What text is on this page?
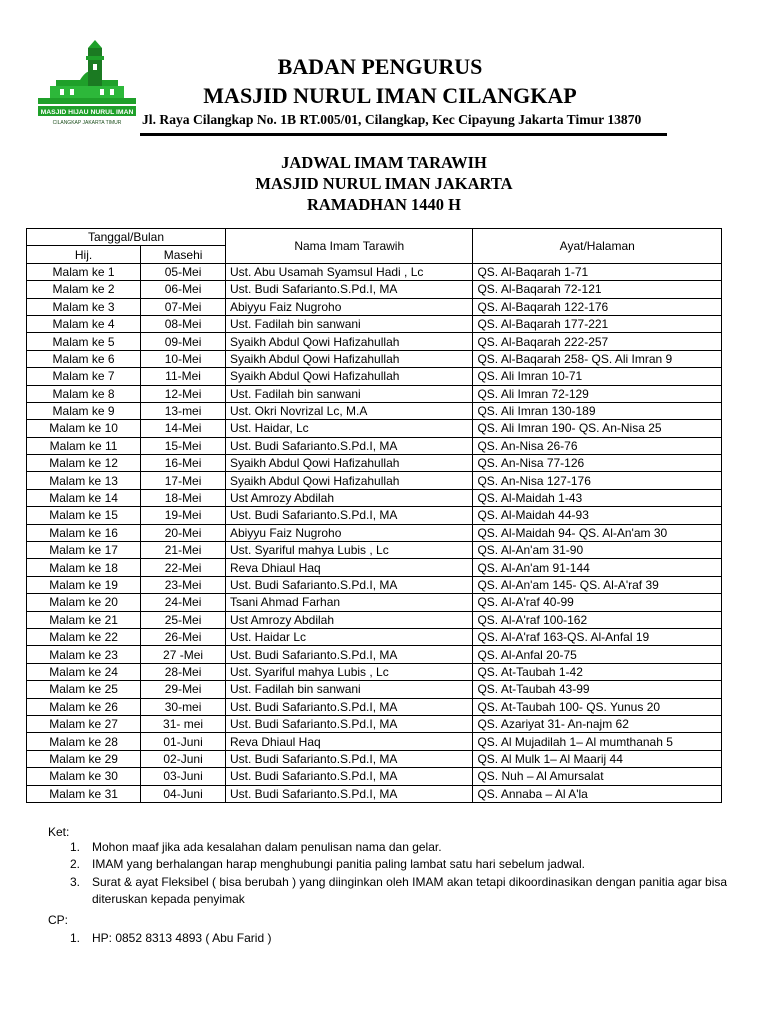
MASJID HIJAU NURUL IMAN
CILANGKAP JAKARTA TIMUR
BADAN PENGURUS
MASJID NURUL IMAN CILANGKAP
Jl. Raya Cilangkap No. 1B RT.005/01, Cilangkap, Kec Cipayung Jakarta Timur 13870
JADWAL IMAM TARAWIH
MASJID NURUL IMAN JAKARTA
RAMADHAN 1440 H
Tanggal/Bulan		Nama Imam Tarawih	Ayat/Halaman
Hij.	Masehi		
Malam ke 1	05-Mei	Ust. Abu Usamah Syamsul Hadi , Lc	QS. Al-Baqarah 1-71
Malam ke 2	06-Mei	Ust. Budi Safarianto.S.Pd.I, MA	QS. Al-Baqarah 72-121
Malam ke 3	07-Mei	Abiyyu Faiz Nugroho	QS. Al-Baqarah 122-176
Malam ke 4	08-Mei	Ust. Fadilah bin sanwani	QS. Al-Baqarah 177-221
Malam ke 5	09-Mei	Syaikh Abdul Qowi Hafizahullah	QS. Al-Baqarah 222-257
Malam ke 6	10-Mei	Syaikh Abdul Qowi Hafizahullah	QS. Al-Baqarah 258- QS. Ali Imran 9
Malam ke 7	11-Mei	Syaikh Abdul Qowi Hafizahullah	QS. Ali Imran 10-71
Malam ke 8	12-Mei	Ust. Fadilah bin sanwani	QS. Ali Imran 72-129
Malam ke 9	13-mei	Ust. Okri Novrizal Lc, M.A	QS. Ali Imran 130-189
Malam ke 10	14-Mei	Ust. Haidar, Lc	QS. Ali Imran 190- QS. An-Nisa 25
Malam ke 11	15-Mei	Ust. Budi Safarianto.S.Pd.I, MA	QS. An-Nisa 26-76
Malam ke 12	16-Mei	Syaikh Abdul Qowi Hafizahullah	QS. An-Nisa 77-126
Malam ke 13	17-Mei	Syaikh Abdul Qowi Hafizahullah	QS. An-Nisa 127-176
Malam ke 14	18-Mei	Ust Amrozy Abdilah	QS. Al-Maidah 1-43
Malam ke 15	19-Mei	Ust. Budi Safarianto.S.Pd.I, MA	QS. Al-Maidah 44-93
Malam ke 16	20-Mei	Abiyyu Faiz Nugroho	QS. Al-Maidah 94- QS. Al-An'am 30
Malam ke 17	21-Mei	Ust. Syariful mahya Lubis , Lc	QS. Al-An'am 31-90
Malam ke 18	22-Mei	Reva Dhiaul Haq	QS. Al-An'am 91-144
Malam ke 19	23-Mei	Ust. Budi Safarianto.S.Pd.I, MA	QS. Al-An'am 145- QS. Al-A'raf 39
Malam ke 20	24-Mei	Tsani Ahmad Farhan	QS. Al-A'raf 40-99
Malam ke 21	25-Mei	Ust Amrozy Abdilah	QS. Al-A'raf 100-162
Malam ke 22	26-Mei	Ust. Haidar Lc	QS. Al-A'raf 163-QS. Al-Anfal 19
Malam ke 23	27 -Mei	Ust. Budi Safarianto.S.Pd.I, MA	QS. Al-Anfal 20-75
Malam ke 24	28-Mei	Ust. Syariful mahya Lubis , Lc	QS. At-Taubah 1-42
Malam ke 25	29-Mei	Ust. Fadilah bin sanwani	QS. At-Taubah 43-99
Malam ke 26	30-mei	Ust. Budi Safarianto.S.Pd.I, MA	QS. At-Taubah 100- QS. Yunus 20
Malam ke 27	31- mei	Ust. Budi Safarianto.S.Pd.I, MA	QS. Azariyat 31- An-najm 62
Malam ke 28	01-Juni	Reva Dhiaul Haq	QS. Al Mujadilah 1– Al mumthanah 5
Malam ke 29	02-Juni	Ust. Budi Safarianto.S.Pd.I, MA	QS. Al Mulk 1– Al Maarij 44
Malam ke 30	03-Juni	Ust. Budi Safarianto.S.Pd.I, MA	QS. Nuh – Al Amursalat
Malam ke 31	04-Juni	Ust. Budi Safarianto.S.Pd.I, MA	QS. Annaba – Al A'la
Ket:
1. Mohon maaf jika ada kesalahan dalam penulisan nama dan gelar.
2. IMAM yang berhalangan harap menghubungi panitia paling lambat satu hari sebelum jadwal.
3. Surat & ayat Fleksibel ( bisa berubah ) yang diinginkan oleh IMAM akan tetapi dikoordinasikan dengan panitia agar bisa diteruskan kepada penyimak
CP:
1. HP: 0852 8313 4893 ( Abu Farid )
